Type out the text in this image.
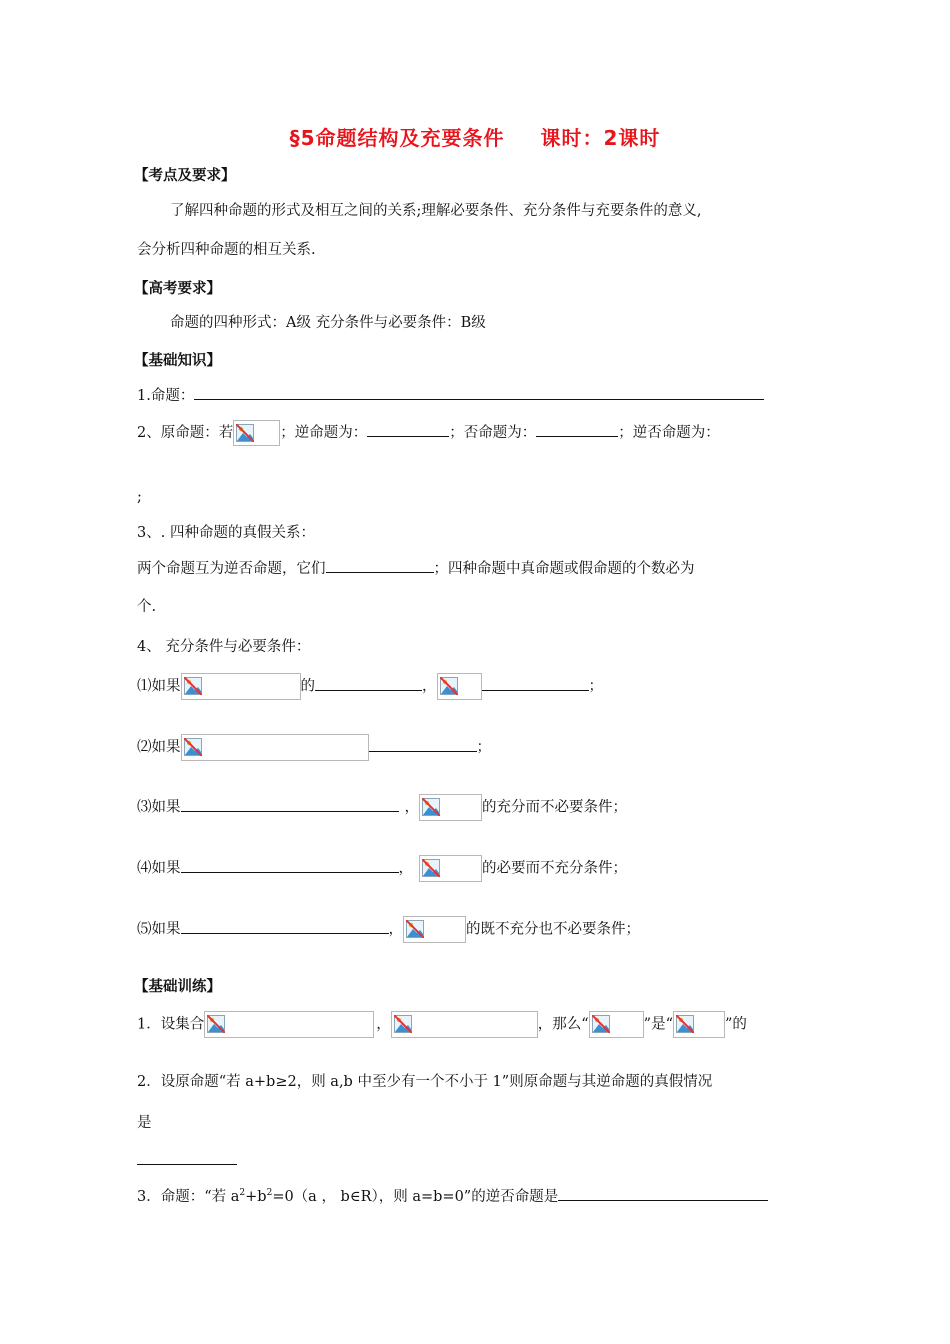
§5命题结构及充要条件 课时：2课时
【考点及要求】
了解四种命题的形式及相互之间的关系;理解必要条件、充分条件与充要条件的意义,
会分析四种命题的相互关系.
【高考要求】
命题的四种形式：A级 充分条件与必要条件：B级
【基础知识】
1.命题：
2、原命题：若	；逆命题为：	；否命题为：	；逆否命题为：
;
3、. 四种命题的真假关系：
两个命题互为逆否命题，它们	；四种命题中真命题或假命题的个数必为
个.
4、 充分条件与必要条件：
⑴如果	的	，	；
⑵如果	；
⑶如果	，	的充分而不必要条件；
⑷如果	，	的必要而不充分条件；
⑸如果	，	的既不充分也不必要条件；
【基础训练】
1．设集合	，	，那么“	”是“	”的
2．设原命题“若 a+b≥2，则 a,b 中至少有一个不小于 1”则原命题与其逆命题的真假情况
是
3．命题：“若 $a^2+b^2=0(a$ ， b∈R），则 a=b=0”的逆否命题是
